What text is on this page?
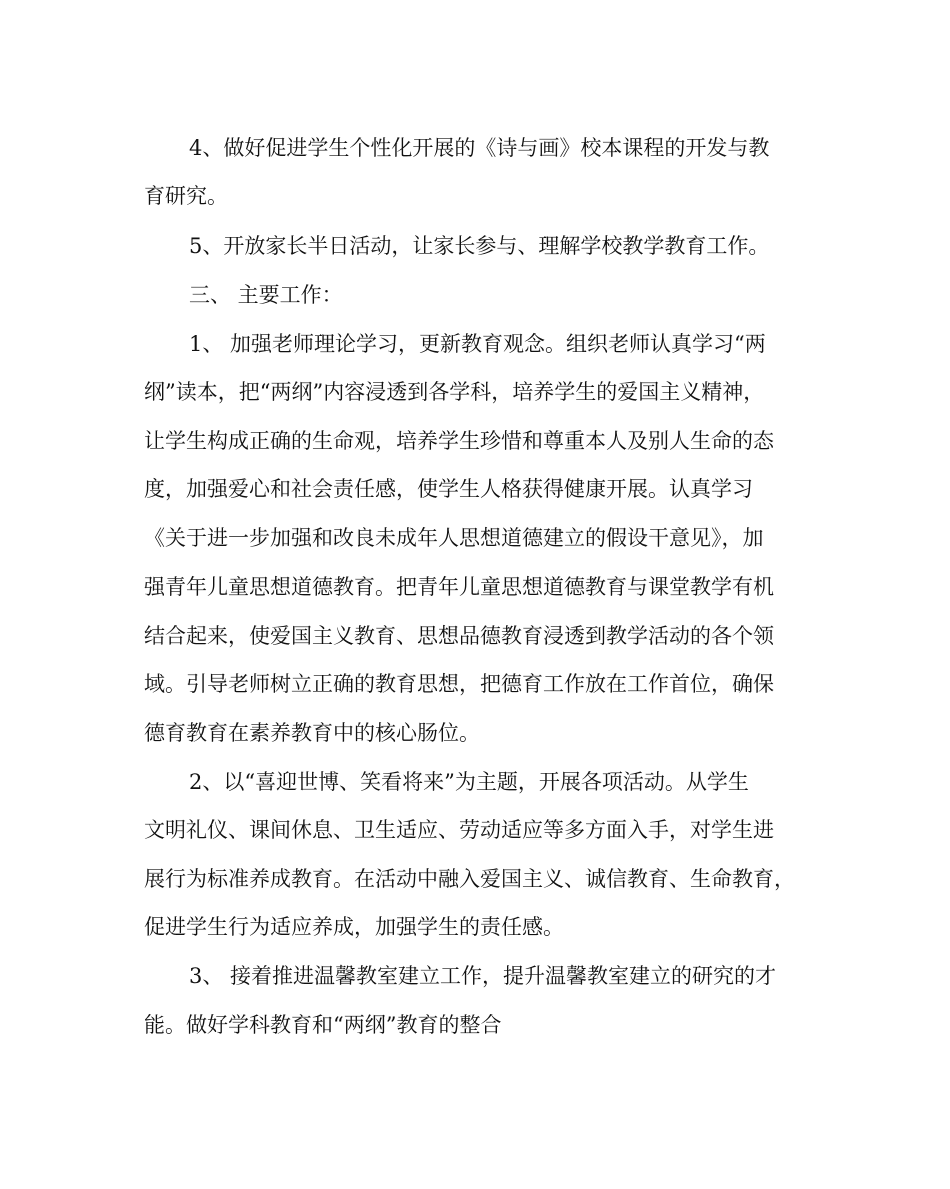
4、做好促进学生个性化开展的《诗与画》校本课程的开发与教
育研究。
5、开放家长半日活动，让家长参与、理解学校教学教育工作。
三、 主要工作：
1、 加强老师理论学习，更新教育观念。组织老师认真学习“两
纲”读本，把“两纲”内容浸透到各学科，培养学生的爱国主义精神，
让学生构成正确的生命观，培养学生珍惜和尊重本人及别人生命的态
度，加强爱心和社会责任感，使学生人格获得健康开展。认真学习
《关于进一步加强和改良未成年人思想道德建立的假设干意见》，加
强青年儿童思想道德教育。把青年儿童思想道德教育与课堂教学有机
结合起来，使爱国主义教育、思想品德教育浸透到教学活动的各个领
域。引导老师树立正确的教育思想，把德育工作放在工作首位，确保
德育教育在素养教育中的核心肠位。
2、以“喜迎世博、笑看将来”为主题，开展各项活动。从学生
文明礼仪、课间休息、卫生适应、劳动适应等多方面入手，对学生进
展行为标准养成教育。在活动中融入爱国主义、诚信教育、生命教育，
促进学生行为适应养成，加强学生的责任感。
3、 接着推进温馨教室建立工作，提升温馨教室建立的研究的才
能。做好学科教育和“两纲”教育的整合
